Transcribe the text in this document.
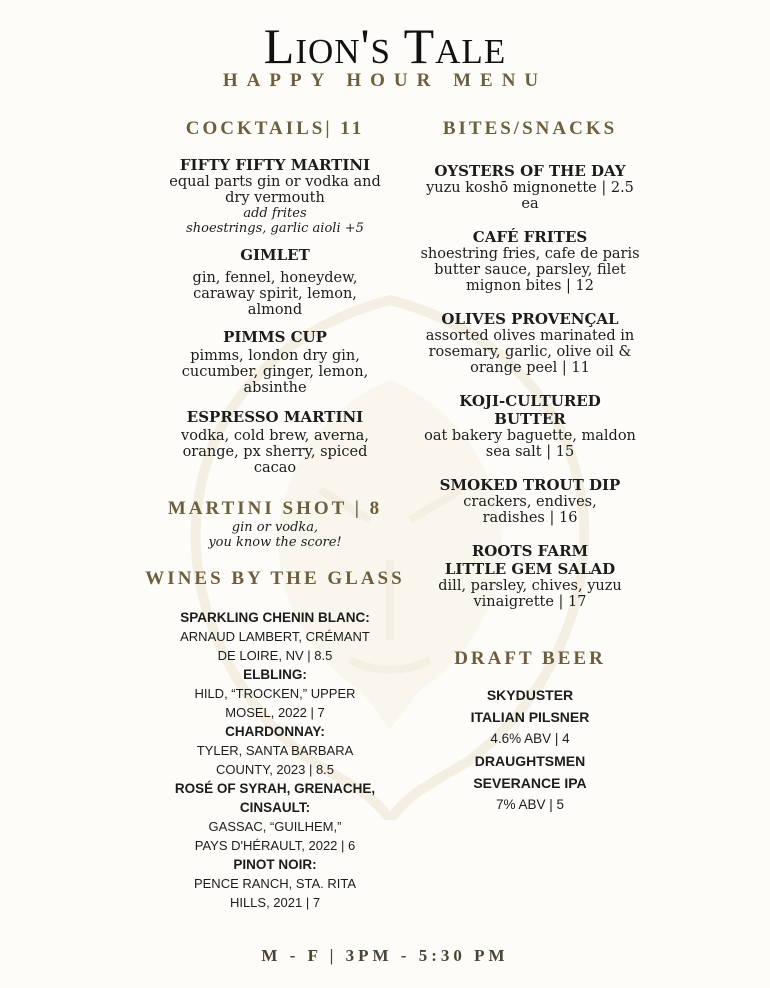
Lion's Tale
HAPPY HOUR MENU

COCKTAILS| 11

FIFTY FIFTY MARTINI

equal parts gin or vodka and dry vermouth

add frites

shoestrings, garlic aioli +5

GIMLET

gin, fennel, honeydew, caraway spirit, lemon, almond

PIMMS CUP

pimms, london dry gin, cucumber, ginger, lemon, absinthe

ESPRESSO MARTINI

vodka, cold brew, averna, orange, px sherry, spiced cacao

MARTINI SHOT | 8

gin or vodka,

you know the score!

WINES BY THE GLASS

SPARKLING CHENIN BLANC:

ARNAUD LAMBERT, CRÉMANT

DE LOIRE, NV | 8.5

ELBLING:

HILD, “TROCKEN,” UPPER

MOSEL, 2022 | 7

CHARDONNAY:

TYLER, SANTA BARBARA

COUNTY, 2023 | 8.5

ROSÉ OF SYRAH, GRENACHE,

CINSAULT:

GASSAC, “GUILHEM,”

PAYS D'HÉRAULT, 2022 | 6

PINOT NOIR:

PENCE RANCH, STA. RITA

HILLS, 2021 | 7

BITES/SNACKS

OYSTERS OF THE DAY

yuzu koshō mignonette | 2.5 ea

CAFÉ FRITES

shoestring fries, cafe de paris butter sauce, parsley, filet mignon bites | 12

OLIVES PROVENÇAL

assorted olives marinated in rosemary, garlic, olive oil & orange peel | 11

KOJI-CULTURED BUTTER

oat bakery baguette, maldon sea salt | 15

SMOKED TROUT DIP

crackers, endives, radishes | 16

ROOTS FARM LITTLE GEM SALAD

dill, parsley, chives, yuzu vinaigrette | 17

DRAFT BEER

SKYDUSTER

ITALIAN PILSNER

4.6% ABV | 4

DRAUGHTSMEN

SEVERANCE IPA

7% ABV | 5

M - F | 3PM - 5:30 PM
